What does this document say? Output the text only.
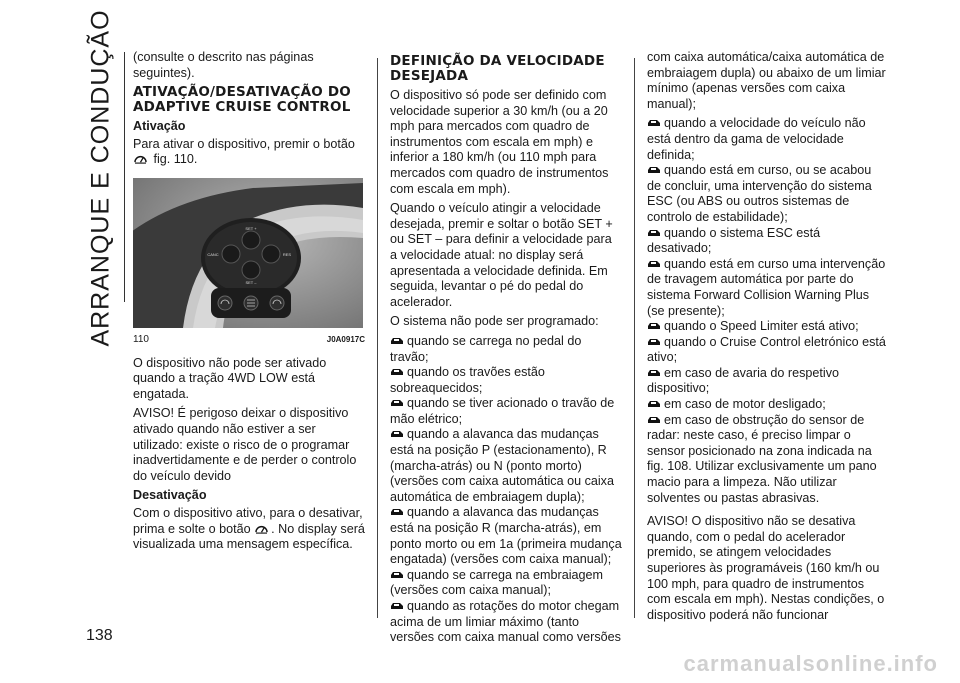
ARRANQUE E CONDUÇÃO
138
carmanualsonline.info

(consulte o descrito nas páginas seguintes).

ATIVAÇÃO/DESATIVAÇÃO DO ADAPTIVE CRUISE CONTROL
Ativação

Para ativar o dispositivo, premir o botão  fig. 110.

SET +
CANC	RES
SET –
110	J0A0917C

O dispositivo não pode ser ativado quando a tração 4WD LOW está engatada.

AVISO! É perigoso deixar o dispositivo ativado quando não estiver a ser utilizado: existe o risco de o programar inadvertidamente e de perder o controlo do veículo devido

Desativação

Com o dispositivo ativo, para o desativar, prima e solte o botão . No display será visualizada uma mensagem específica.

DEFINIÇÃO DA VELOCIDADE DESEJADA

O dispositivo só pode ser definido com velocidade superior a 30 km/h (ou a 20 mph para mercados com quadro de instrumentos com escala em mph) e inferior a 180 km/h (ou 110 mph para mercados com quadro de instrumentos com escala em mph).

Quando o veículo atingir a velocidade desejada, premir e soltar o botão SET + ou SET – para definir a velocidade para a velocidade atual: no display será apresentada a velocidade definida. Em seguida, levantar o pé do pedal do acelerador.

O sistema não pode ser programado:

quando se carrega no pedal do travão;

quando os travões estão sobreaquecidos;

quando se tiver acionado o travão de mão elétrico;

quando a alavanca das mudanças está na posição P (estacionamento), R (marcha-atrás) ou N (ponto morto) (versões com caixa automática ou caixa automática de embraiagem dupla);

quando a alavanca das mudanças está na posição R (marcha-atrás), em ponto morto ou em 1a (primeira mudança engatada) (versões com caixa manual);

quando se carrega na embraiagem (versões com caixa manual);

quando as rotações do motor chegam acima de um limiar máximo (tanto versões com caixa manual como versões

com caixa automática/caixa automática de embraiagem dupla) ou abaixo de um limiar mínimo (apenas versões com caixa manual);

quando a velocidade do veículo não está dentro da gama de velocidade definida;

quando está em curso, ou se acabou de concluir, uma intervenção do sistema ESC (ou ABS ou outros sistemas de controlo de estabilidade);

quando o sistema ESC está desativado;

quando está em curso uma intervenção de travagem automática por parte do sistema Forward Collision Warning Plus (se presente);

quando o Speed Limiter está ativo;

quando o Cruise Control eletrónico está ativo;

em caso de avaria do respetivo dispositivo;

em caso de motor desligado;

em caso de obstrução do sensor de radar: neste caso, é preciso limpar o sensor posicionado na zona indicada na fig. 108. Utilizar exclusivamente um pano macio para a limpeza. Não utilizar solventes ou pastas abrasivas.

AVISO! O dispositivo não se desativa quando, com o pedal do acelerador premido, se atingem velocidades superiores às programáveis (160 km/h ou 100 mph, para quadro de instrumentos com escala em mph). Nestas condições, o dispositivo poderá não funcionar
